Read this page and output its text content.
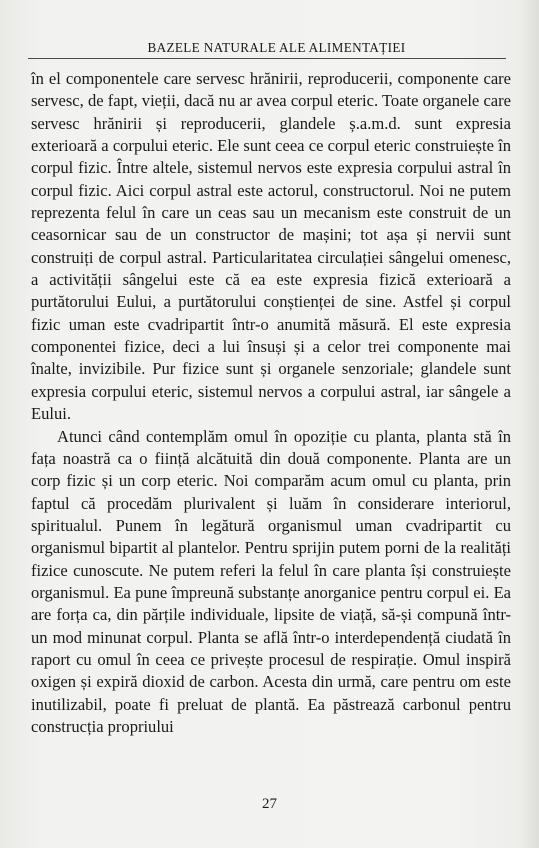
BAZELE NATURALE ALE ALIMENTAȚIEI

în el componentele care servesc hrănirii, reproducerii, componente care servesc, de fapt, vieții, dacă nu ar avea corpul eteric. Toate organele care servesc hrănirii și reproducerii, glandele ș.a.m.d. sunt expresia exterioară a corpului eteric. Ele sunt ceea ce corpul eteric construiește în corpul fizic. Între altele, sistemul nervos este expresia corpului astral în corpul fizic. Aici corpul astral este actorul, constructorul. Noi ne putem reprezenta felul în care un ceas sau un mecanism este construit de un ceasornicar sau de un constructor de mașini; tot așa și nervii sunt construiți de corpul astral. Particularitatea circulației sângelui omenesc, a activității sângelui este că ea este expresia fizică exterioară a purtătorului Eului, a purtătorului conștienței de sine. Astfel și corpul fizic uman este cvadripartit într-o anumită măsură. El este expresia componentei fizice, deci a lui însuși și a celor trei componente mai înalte, invizibile. Pur fizice sunt și organele senzoriale; glandele sunt expresia corpului eteric, sistemul nervos a corpului astral, iar sângele a Eului.

Atunci când contemplăm omul în opoziție cu planta, planta stă în fața noastră ca o ființă alcătuită din două componente. Planta are un corp fizic și un corp eteric. Noi comparăm acum omul cu planta, prin faptul că procedăm plurivalent și luăm în considerare interiorul, spiritualul. Punem în legătură organismul uman cvadripartit cu organismul bipartit al plantelor. Pentru sprijin putem porni de la realități fizice cunoscute. Ne putem referi la felul în care planta își construiește organismul. Ea pune împreună substanțe anorganice pentru corpul ei. Ea are forța ca, din părțile individuale, lipsite de viață, să-și compună într-un mod minunat corpul. Planta se află într-o interdependență ciudată în raport cu omul în ceea ce privește procesul de respirație. Omul inspiră oxigen și expiră dioxid de carbon. Acesta din urmă, care pentru om este inutilizabil, poate fi preluat de plantă. Ea păstrează carbonul pentru construcția propriului

27
